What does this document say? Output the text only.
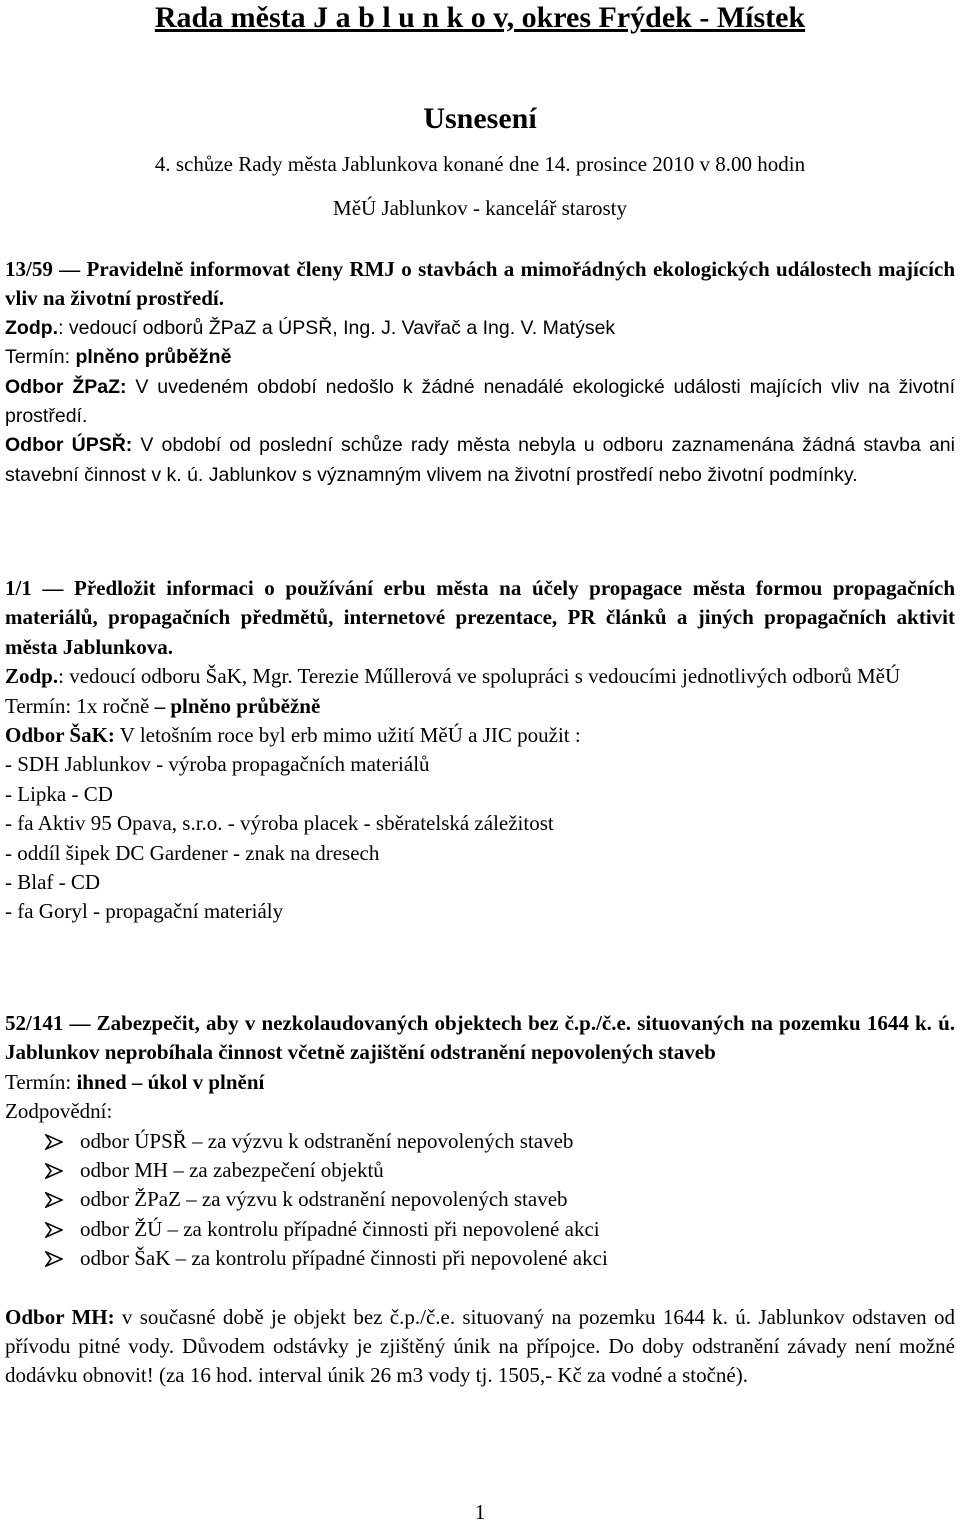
Rada města J a b l u n k o v, okres Frýdek - Místek
Usnesení
4. schůze Rady města Jablunkova konané dne 14. prosince 2010 v 8.00 hodin
MěÚ Jablunkov - kancelář starosty

13/59 — Pravidelně informovat členy RMJ o stavbách a mimořádných ekologických událostech majících vliv na životní prostředí.

Zodp.: vedoucí odborů ŽPaZ a ÚPSŘ, Ing. J. Vavřač a Ing. V. Matýsek

Termín: plněno průběžně

Odbor ŽPaZ: V uvedeném období nedošlo k žádné nenadálé ekologické události majících vliv na životní prostředí.

Odbor ÚPSŘ: V období od poslední schůze rady města nebyla u odboru zaznamenána žádná stavba ani stavební činnost v k. ú. Jablunkov s významným vlivem na životní prostředí nebo životní podmínky.

1/1 — Předložit informaci o používání erbu města na účely propagace města formou propagačních materiálů, propagačních předmětů, internetové prezentace, PR článků a jiných propagačních aktivit města Jablunkova.

Zodp.: vedoucí odboru ŠaK, Mgr. Terezie Műllerová ve spolupráci s vedoucími jednotlivých odborů MěÚ

Termín: 1x ročně – plněno průběžně

Odbor ŠaK: V letošním roce byl erb mimo užití MěÚ a JIC použit :

- SDH Jablunkov - výroba propagačních materiálů

- Lipka - CD

- fa Aktiv 95 Opava, s.r.o. - výroba placek - sběratelská záležitost

- oddíl šipek DC Gardener - znak na dresech

- Blaf - CD

- fa Goryl - propagační materiály

52/141 — Zabezpečit, aby v nezkolaudovaných objektech bez č.p./č.e. situovaných na pozemku 1644 k. ú. Jablunkov neprobíhala činnost včetně zajištění odstranění nepovolených staveb

Termín: ihned – úkol v plnění

Zodpovědní:

odbor ÚPSŘ – za výzvu k odstranění nepovolených staveb
odbor MH – za zabezpečení objektů
odbor ŽPaZ – za výzvu k odstranění nepovolených staveb
odbor ŽÚ – za kontrolu případné činnosti při nepovolené akci
odbor ŠaK – za kontrolu případné činnosti při nepovolené akci

Odbor MH: v současné době je objekt bez č.p./č.e. situovaný na pozemku 1644 k. ú. Jablunkov odstaven od přívodu pitné vody. Důvodem odstávky je zjištěný únik na přípojce. Do doby odstranění závady není možné dodávku obnovit! (za 16 hod. interval únik 26 m3 vody tj. 1505,- Kč za vodné a stočné).

1
